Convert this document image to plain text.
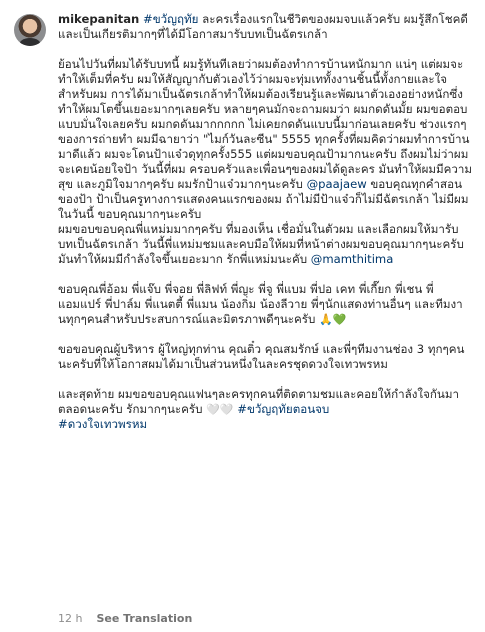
mikepanitan #ขวัญฤทัย ละครเรื่องแรกในชีวิตของผมจบแล้วครับ ผมรู้สึกโชคดีและเป็นเกียรติมากๆที่ได้มีโอกาสมารับบทเป็นฉัตรเกล้า

ย้อนไปวันที่ผมได้รับบทนี้ ผมรู้ทันทีเลยว่าผมต้องทำการบ้านหนักมาก แน่ๆ แต่ผมจะทำให้เต็มที่ครับ ผมให้สัญญากับตัวเองไว้ว่าผมจะทุ่มเททั้งงานชิ้นนี้ทั้งกายและใจ สำหรับผม การได้มาเป็นฉัตรเกล้าทำให้ผมต้องเรียนรู้และพัฒนาตัวเองอย่างหนักซึ่งทำให้ผมโตขึ้นเยอะมากๆเลยครับ หลายๆคนมักจะถามผมว่า ผมกดดันมั้ย ผมขอตอบแบบมั่นใจเลยครับ ผมกดดันมากกกกก ไม่เคยกดดันแบบนี้มาก่อนเลยครับ ช่วงแรกๆของการถ่ายทำ ผมมีฉายาว่า "ไมก์วันละซีน" 5555 ทุกครั้งที่ผมคิดว่าผมทำการบ้านมาดีแล้ว ผมจะโดนป้าแจ๋วดุทุกครั้ง555 แต่ผมขอบคุณป้ามากนะครับ ถึงผมไม่ว่าผมจะเคยน้อยใจป้า วันนี้ที่ผม ครอบครัวและเพื่อนๆของผมได้ดูละคร มันทำให้ผมมีความสุข และภูมิใจมากๆครับ ผมรักป้าแจ๋วมากๆนะครับ @paajaew ขอบคุณทุกคำสอนของป้า ป้าเป็นครูทางการแสดงคนแรกของผม ถ้าไม่มีป้าแจ๋วก็ไม่มีฉัตรเกล้า ไม่มีผมในวันนี้ ขอบคุณมากๆนะครับ
ผมขอบขอบคุณพี่แหม่มมากๆครับ ที่มองเห็น เชื่อมั่นในตัวผม และเลือกผมให้มารับบทเป็นฉัตรเกล้า วันนี้พี่แหม่มชมและคบมือให้ผมที่หน้าต่างผมขอบคุณมากๆนะครับ มันทำให้ผมมีกำลังใจขึ้นเยอะมาก รักพี่แหม่มนะคับ @mamthitima

ขอบคุณพี่อ้อม พี่แจ๊บ พี่จอย พี่ลิฟท์ พี่ญะ พี่จู พี่แบม พี่ปอ เคท พี่เกี๊ยก พี่เชน พี่แอมแปร์ พี่ปาล์ม พี่แนตตี้ พี่แมน น้องกิ่ม น้องลีวาย พี่ๆนักแสดงท่านอื่นๆ และทีมงานทุกๆคนสำหรับประสบการณ์และมิตรภาพดีๆนะครับ 🙏💚

ขอขอบคุณผู้บริหาร ผู้ใหญ่ทุกท่าน คุณติ๋ว คุณสมรักษ์ และพี่ๆทีมงานช่อง 3 ทุกๆคนนะครับที่ให้โอกาสผมได้มาเป็นส่วนหนึ่งในละครชุดดวงใจเทวพรหม

และสุดท้าย ผมขอขอบคุณแฟนๆละครทุกคนที่ติดตามชมและคอยให้กำลังใจกันมาตลอดนะครับ รักมากๆนะครับ 🤍🤍 #ขวัญฤทัยตอนจบ
#ดวงใจเทวพรหม

12 h See Translation
